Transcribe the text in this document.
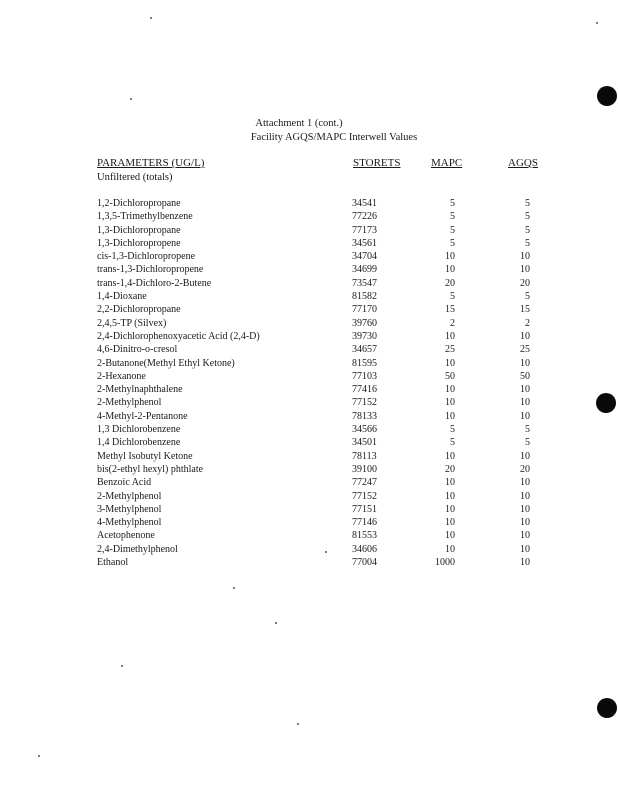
Attachment 1 (cont.)
Facility AGQS/MAPC Interwell Values
PARAMETERS (UG/L)	STORETS	MAPC	AGQS
Unfiltered (totals)
1,2-Dichloropropane	34541	5	5
1,3,5-Trimethylbenzene	77226	5	5
1,3-Dichloropropane	77173	5	5
1,3-Dichloropropene	34561	5	5
cis-1,3-Dichloropropene	34704	10	10
trans-1,3-Dichloropropene	34699	10	10
trans-1,4-Dichloro-2-Butene	73547	20	20
1,4-Dioxane	81582	5	5
2,2-Dichloropropane	77170	15	15
2,4,5-TP (Silvex)	39760	2	2
2,4-Dichlorophenoxyacetic Acid (2,4-D)	39730	10	10
4,6-Dinitro-o-cresol	34657	25	25
2-Butanone(Methyl Ethyl Ketone)	81595	10	10
2-Hexanone	77103	50	50
2-Methylnaphthalene	77416	10	10
2-Methylphenol	77152	10	10
4-Methyl-2-Pentanone	78133	10	10
1,3 Dichlorobenzene	34566	5	5
1,4 Dichlorobenzene	34501	5	5
Methyl Isobutyl Ketone	78113	10	10
bis(2-ethyl hexyl) phthlate	39100	20	20
Benzoic Acid	77247	10	10
2-Methylphenol	77152	10	10
3-Methylphenol	77151	10	10
4-Methylphenol	77146	10	10
Acetophenone	81553	10	10
2,4-Dimethylphenol	34606	10	10
Ethanol	77004	1000	10
